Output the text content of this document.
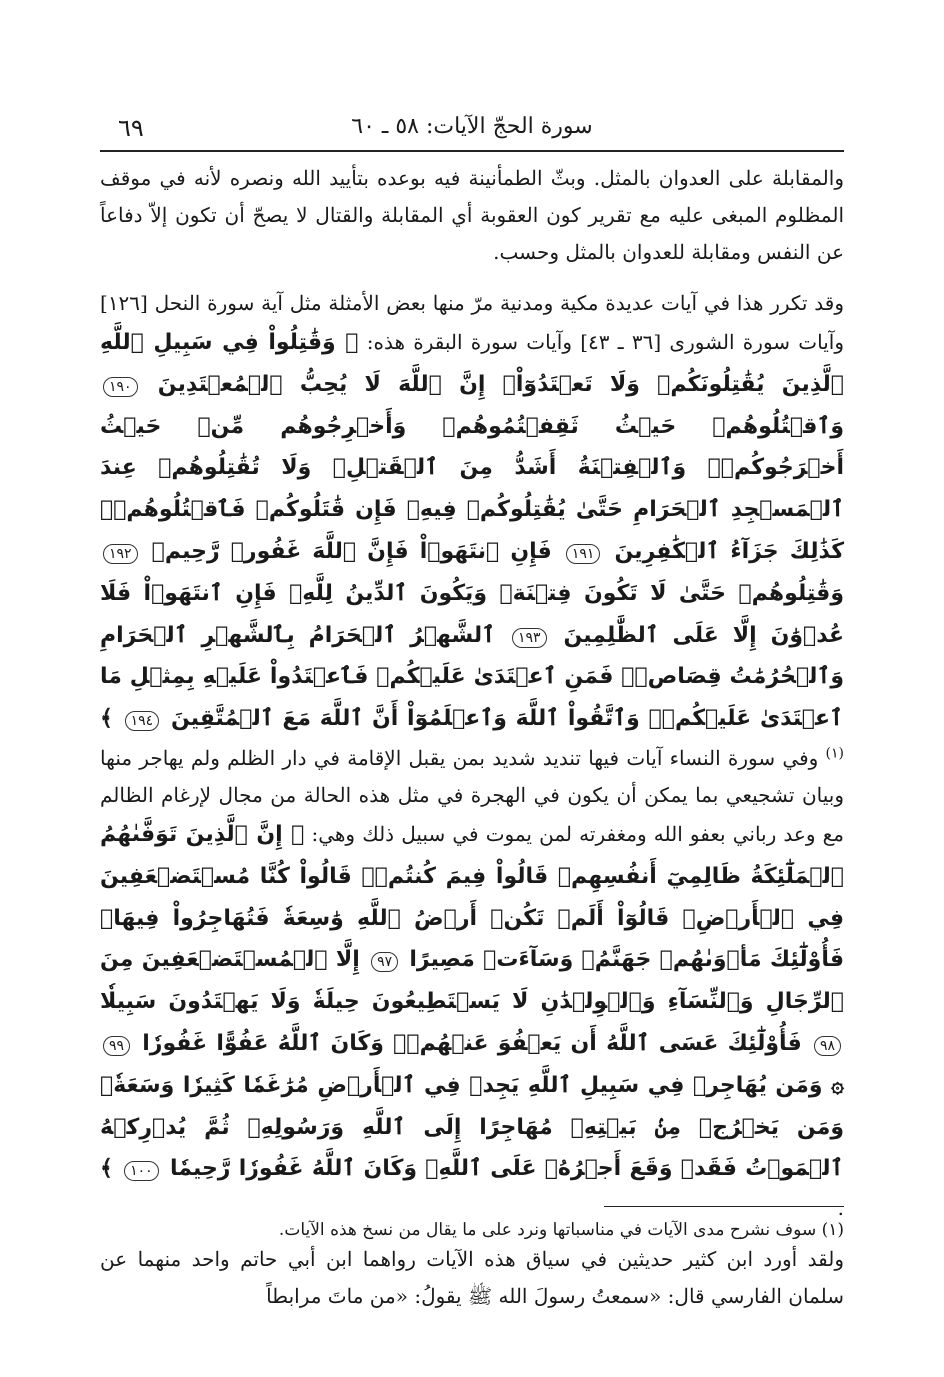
٦٩	سورة الحجّ الآيات: ٥٨ ـ ٦٠

والمقابلة على العدوان بالمثل. وبثّ الطمأنينة فيه بوعده بتأييد الله ونصره لأنه في موقف المظلوم المبغى عليه مع تقرير كون العقوبة أي المقابلة والقتال لا يصحّ أن تكون إلاّ دفاعاً عن النفس ومقابلة للعدوان بالمثل وحسب.

وقد تكرر هذا في آيات عديدة مكية ومدنية مرّ منها بعض الأمثلة مثل آية سورة النحل [١٢٦] وآيات سورة الشورى [٣٦ ـ ٤٣] وآيات سورة البقرة هذه: ﴿ وَقَٰتِلُواْ فِي سَبِيلِ ٱللَّهِ ٱلَّذِينَ يُقَٰتِلُونَكُمۡ وَلَا تَعۡتَدُوٓاْۚ إِنَّ ٱللَّهَ لَا يُحِبُّ ٱلۡمُعۡتَدِينَ ١٩٠ وَٱقۡتُلُوهُمۡ حَيۡثُ ثَقِفۡتُمُوهُمۡ وَأَخۡرِجُوهُم مِّنۡ حَيۡثُ أَخۡرَجُوكُمۡۚ وَٱلۡفِتۡنَةُ أَشَدُّ مِنَ ٱلۡقَتۡلِۚ وَلَا تُقَٰتِلُوهُمۡ عِندَ ٱلۡمَسۡجِدِ ٱلۡحَرَامِ حَتَّىٰ يُقَٰتِلُوكُمۡ فِيهِۖ فَإِن قَٰتَلُوكُمۡ فَٱقۡتُلُوهُمۡۗ كَذَٰلِكَ جَزَآءُ ٱلۡكَٰفِرِينَ ١٩١ فَإِنِ ٱنتَهَوۡاْ فَإِنَّ ٱللَّهَ غَفُورٞ رَّحِيمٞ ١٩٢ وَقَٰتِلُوهُمۡ حَتَّىٰ لَا تَكُونَ فِتۡنَةٞ وَيَكُونَ ٱلدِّينُ لِلَّهِۖ فَإِنِ ٱنتَهَوۡاْ فَلَا عُدۡوَٰنَ إِلَّا عَلَى ٱلظَّٰلِمِينَ ١٩٣ ٱلشَّهۡرُ ٱلۡحَرَامُ بِٱلشَّهۡرِ ٱلۡحَرَامِ وَٱلۡحُرُمَٰتُ قِصَاصٞۚ فَمَنِ ٱعۡتَدَىٰ عَلَيۡكُمۡ فَٱعۡتَدُواْ عَلَيۡهِ بِمِثۡلِ مَا ٱعۡتَدَىٰ عَلَيۡكُمۡۚ وَٱتَّقُواْ ٱللَّهَ وَٱعۡلَمُوٓاْ أَنَّ ٱللَّهَ مَعَ ٱلۡمُتَّقِينَ ١٩٤ ﴾ $^{(١)}$ وفي سورة النساء آيات فيها تنديد شديد بمن يقبل الإقامة في دار الظلم ولم يهاجر منها وبيان تشجيعي بما يمكن أن يكون في الهجرة في مثل هذه الحالة من مجال لإرغام الظالم مع وعد رباني بعفو الله ومغفرته لمن يموت في سبيل ذلك وهي: ﴿ إِنَّ ٱلَّذِينَ تَوَفَّىٰهُمُ ٱلۡمَلَٰٓئِكَةُ ظَالِمِيٓ أَنفُسِهِمۡ قَالُواْ فِيمَ كُنتُمۡۖ قَالُواْ كُنَّا مُسۡتَضۡعَفِينَ فِي ٱلۡأَرۡضِۚ قَالُوٓاْ أَلَمۡ تَكُنۡ أَرۡضُ ٱللَّهِ وَٰسِعَةٗ فَتُهَاجِرُواْ فِيهَاۚ فَأُوْلَٰٓئِكَ مَأۡوَىٰهُمۡ جَهَنَّمُۖ وَسَآءَتۡ مَصِيرًا ٩٧ إِلَّا ٱلۡمُسۡتَضۡعَفِينَ مِنَ ٱلرِّجَالِ وَٱلنِّسَآءِ وَٱلۡوِلۡدَٰنِ لَا يَسۡتَطِيعُونَ حِيلَةٗ وَلَا يَهۡتَدُونَ سَبِيلٗا ٩٨ فَأُوْلَٰٓئِكَ عَسَى ٱللَّهُ أَن يَعۡفُوَ عَنۡهُمۡۚ وَكَانَ ٱللَّهُ عَفُوًّا غَفُورٗا ٩٩ ۞ وَمَن يُهَاجِرۡ فِي سَبِيلِ ٱللَّهِ يَجِدۡ فِي ٱلۡأَرۡضِ مُرَٰغَمٗا كَثِيرٗا وَسَعَةٗۚ وَمَن يَخۡرُجۡ مِنۢ بَيۡتِهِۦ مُهَاجِرًا إِلَى ٱللَّهِ وَرَسُولِهِۦ ثُمَّ يُدۡرِكۡهُ ٱلۡمَوۡتُ فَقَدۡ وَقَعَ أَجۡرُهُۥ عَلَى ٱللَّهِۗ وَكَانَ ٱللَّهُ غَفُورٗا رَّحِيمٗا ١٠٠ ﴾ .

ولقد أورد ابن كثير حديثين في سياق هذه الآيات رواهما ابن أبي حاتم واحد منهما عن سلمان الفارسي قال: «سمعتُ رسولَ الله ﷺ يقولُ: «من ماتَ مرابطاً

(١) سوف نشرح مدى الآيات في مناسباتها ونرد على ما يقال من نسخ هذه الآيات.
